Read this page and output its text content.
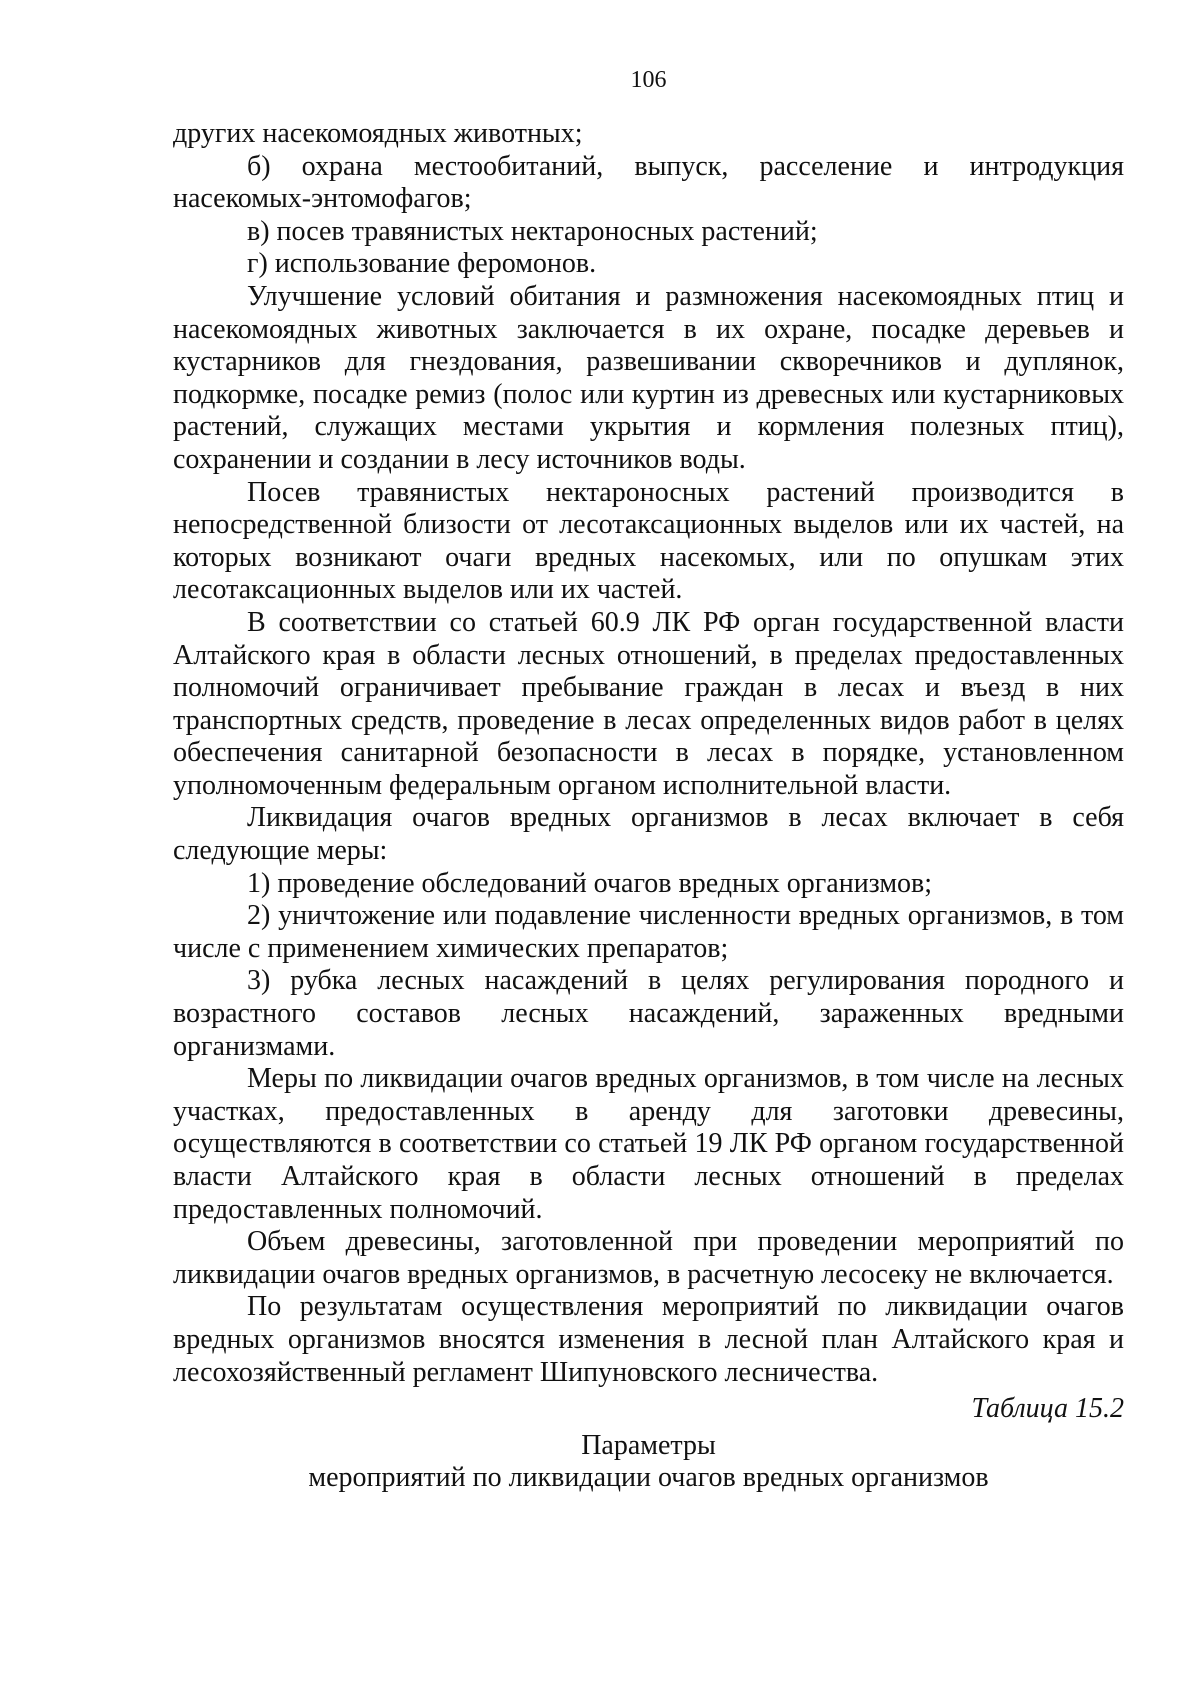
106

других насекомоядных животных;

б) охрана местообитаний, выпуск, расселение и интродукция насекомых-энтомофагов;

в) посев травянистых нектароносных растений;

г) использование феромонов.

Улучшение условий обитания и размножения насекомоядных птиц и насекомоядных животных заключается в их охране, посадке деревьев и кустарников для гнездования, развешивании скворечников и дуплянок, подкормке, посадке ремиз (полос или куртин из древесных или кустарниковых растений, служащих местами укрытия и кормления полезных птиц), сохранении и создании в лесу источников воды.

Посев травянистых нектароносных растений производится в непосредственной близости от лесотаксационных выделов или их частей, на которых возникают очаги вредных насекомых, или по опушкам этих лесотаксационных выделов или их частей.

В соответствии со статьей 60.9 ЛК РФ орган государственной власти Алтайского края в области лесных отношений, в пределах предоставленных полномочий ограничивает пребывание граждан в лесах и въезд в них транспортных средств, проведение в лесах определенных видов работ в целях обеспечения санитарной безопасности в лесах в порядке, установленном уполномоченным федеральным органом исполнительной власти.

Ликвидация очагов вредных организмов в лесах включает в себя следующие меры:

1) проведение обследований очагов вредных организмов;

2) уничтожение или подавление численности вредных организмов, в том числе с применением химических препаратов;

3) рубка лесных насаждений в целях регулирования породного и возрастного составов лесных насаждений, зараженных вредными организмами.

Меры по ликвидации очагов вредных организмов, в том числе на лесных участках, предоставленных в аренду для заготовки древесины, осуществляются в соответствии со статьей 19 ЛК РФ органом государственной власти Алтайского края в области лесных отношений в пределах предоставленных полномочий.

Объем древесины, заготовленной при проведении мероприятий по ликвидации очагов вредных организмов, в расчетную лесосеку не включается.

По результатам осуществления мероприятий по ликвидации очагов вредных организмов вносятся изменения в лесной план Алтайского края и лесохозяйственный регламент Шипуновского лесничества.

Таблица 15.2
Параметры
мероприятий по ликвидации очагов вредных организмов
